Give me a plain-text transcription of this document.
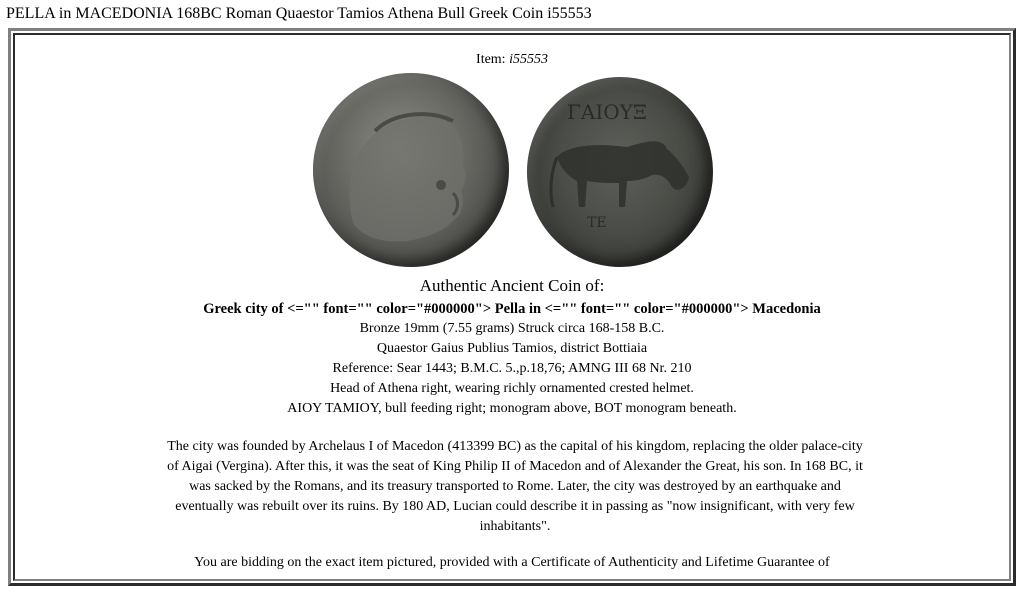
PELLA in MACEDONIA 168BC Roman Quaestor Tamios Athena Bull Greek Coin i55553
Item: i55553
ΓΑΙΟΥΞ
ΤΕ
Authentic Ancient Coin of:
Greek city of <="" font="" color="#000000"> Pella in <="" font="" color="#000000"> Macedonia
Bronze 19mm (7.55 grams) Struck circa 168-158 B.C.
Quaestor Gaius Publius Tamios, district Bottiaia
Reference: Sear 1443; B.M.C. 5.,p.18,76; AMNG III 68 Nr. 210
Head of Athena right, wearing richly ornamented crested helmet.
AIOY TAMIOY, bull feeding right; monogram above, BOT monogram beneath.
The city was founded by Archelaus I of Macedon (413399 BC) as the capital of his kingdom, replacing the older palace-city of Aigai (Vergina). After this, it was the seat of King Philip II of Macedon and of Alexander the Great, his son. In 168 BC, it was sacked by the Romans, and its treasury transported to Rome. Later, the city was destroyed by an earthquake and eventually was rebuilt over its ruins. By 180 AD, Lucian could describe it in passing as "now insignificant, with very few inhabitants".
You are bidding on the exact item pictured, provided with a Certificate of Authenticity and Lifetime Guarantee of
